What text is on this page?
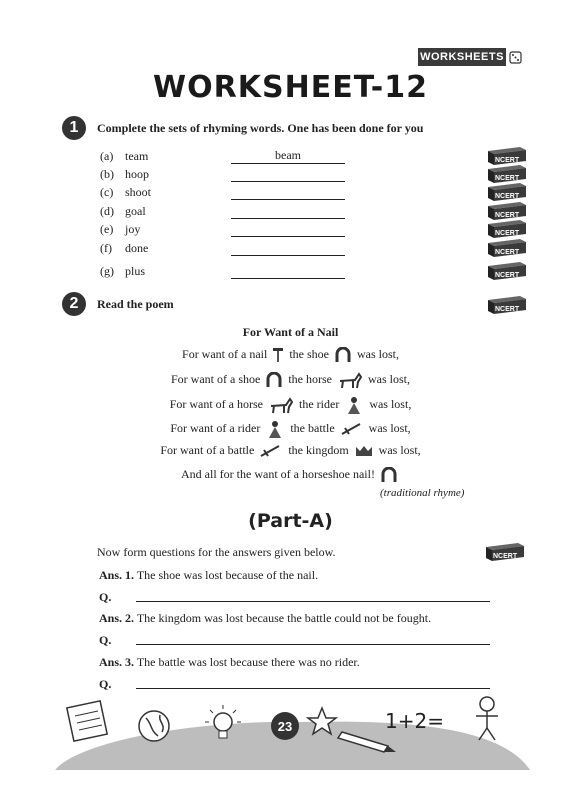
WORKSHEETS
WORKSHEET-12
1	Complete the sets of rhyming words. One has been done for you
(a) team	beam
(b) hoop
(c) shoot
(d) goal
(e) joy
(f) done
(g) plus
NCERT
NCERT
NCERT
NCERT
NCERT
NCERT
NCERT
2	Read the poem	NCERT
For Want of a Nail
For want of a nail the shoe was lost,
For want of a shoe the horse	was lost,
For want of a horse	the rider	was lost,
For want of a rider	the battle	was lost,
For want of a battle	the kingdom	was lost,
And all for the want of a horseshoe nail!
(traditional rhyme)
(Part-A)
Now form questions for the answers given below.	NCERT
Ans. 1. The shoe was lost because of the nail.
Q.
Ans. 2. The kingdom was lost because the battle could not be fought.
Q.
Ans. 3. The battle was lost because there was no rider.
Q.
23	1+2=
